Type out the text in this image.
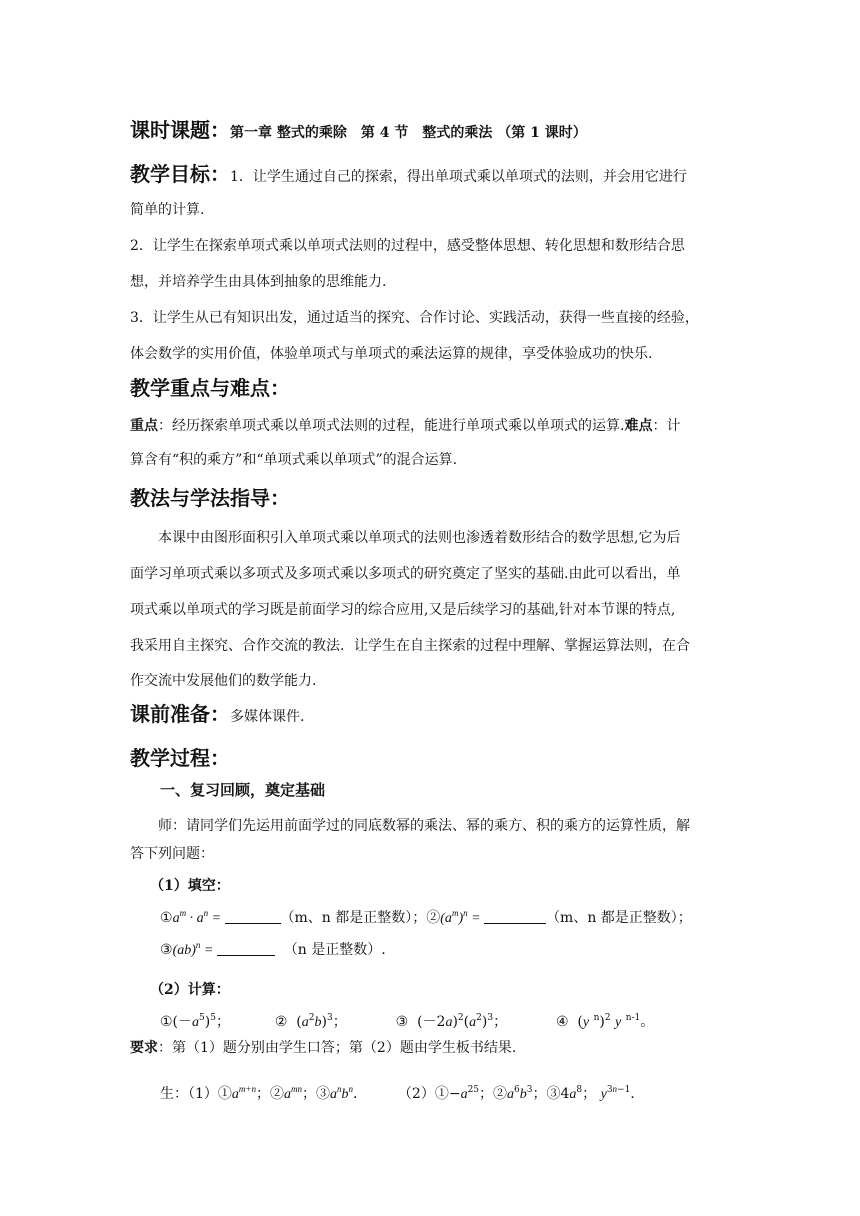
课时课题：第一章 整式的乘除　第 4 节　整式的乘法 （第 1 课时）
教学目标：1．让学生通过自己的探索，得出单项式乘以单项式的法则，并会用它进行
简单的计算.
2．让学生在探索单项式乘以单项式法则的过程中，感受整体思想、转化思想和数形结合思
想，并培养学生由具体到抽象的思维能力.
3．让学生从已有知识出发，通过适当的探究、合作讨论、实践活动，获得一些直接的经验，
体会数学的实用价值，体验单项式与单项式的乘法运算的规律，享受体验成功的快乐.
教学重点与难点：
重点：经历探索单项式乘以单项式法则的过程，能进行单项式乘以单项式的运算.难点：计
算含有“积的乘方”和“单项式乘以单项式”的混合运算.
教法与学法指导：
本课中由图形面积引入单项式乘以单项式的法则也渗透着数形结合的数学思想,它为后
面学习单项式乘以多项式及多项式乘以多项式的研究奠定了坚实的基础.由此可以看出，单
项式乘以单项式的学习既是前面学习的综合应用,又是后续学习的基础,针对本节课的特点,
我采用自主探究、合作交流的教法．让学生在自主探索的过程中理解、掌握运算法则，在合
作交流中发展他们的数学能力.
课前准备：多媒体课件.
教学过程：
一、复习回顾，奠定基础
师：请同学们先运用前面学过的同底数幂的乘法、幂的乘方、积的乘方的运算性质，解
答下列问题：
（1）填空：
$①a^m \cdot a^n$ =	（m、n 都是正整数）；$②(a^m)^n$ =	（m、n 都是正整数）；
③(ab)$^n$ =	（n 是正整数）.
（2）计算：
$①(-a^5)^5$；	②  $(a^2b)^3$；	③  $(-2a)^2(a^2)^3$；	④  (y $^n$)$^2$ y $^{n-1}$。
要求：第（1）题分别由学生口答；第（2）题由学生板书结果.
生：$(1)①a^{m+n}$；$②a^{mn}$；$③a^nb^n$． $(2)①-a^{25}$；$②a^6b^3$；$③4a^8$； $y^{3n-1}$．
